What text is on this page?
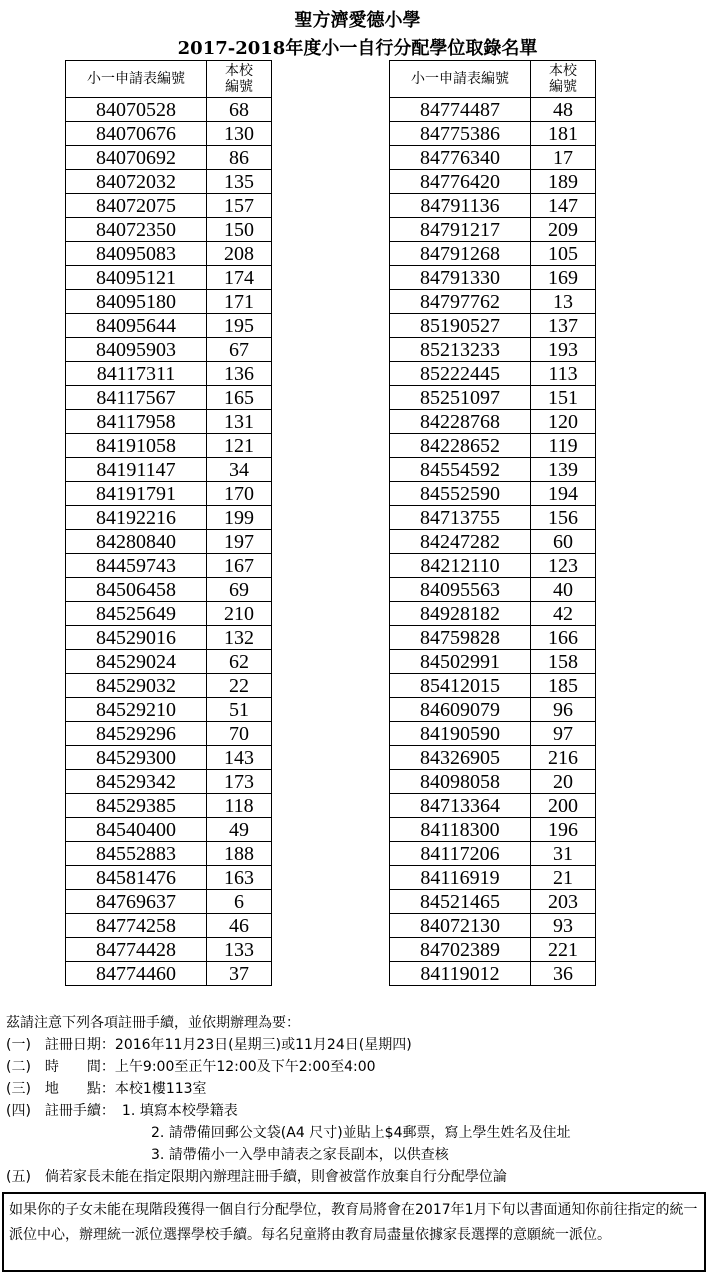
聖方濟愛德小學
2017-2018年度小一自行分配學位取錄名單
小一申請表編號	本校編號
84070528	68
84070676	130
84070692	86
84072032	135
84072075	157
84072350	150
84095083	208
84095121	174
84095180	171
84095644	195
84095903	67
84117311	136
84117567	165
84117958	131
84191058	121
84191147	34
84191791	170
84192216	199
84280840	197
84459743	167
84506458	69
84525649	210
84529016	132
84529024	62
84529032	22
84529210	51
84529296	70
84529300	143
84529342	173
84529385	118
84540400	49
84552883	188
84581476	163
84769637	6
84774258	46
84774428	133
84774460	37
小一申請表編號	本校編號
84774487	48
84775386	181
84776340	17
84776420	189
84791136	147
84791217	209
84791268	105
84791330	169
84797762	13
85190527	137
85213233	193
85222445	113
85251097	151
84228768	120
84228652	119
84554592	139
84552590	194
84713755	156
84247282	60
84212110	123
84095563	40
84928182	42
84759828	166
84502991	158
85412015	185
84609079	96
84190590	97
84326905	216
84098058	20
84713364	200
84118300	196
84117206	31
84116919	21
84521465	203
84072130	93
84702389	221
84119012	36
茲請注意下列各項註冊手續，並依期辦理為要：
(一)　註冊日期：2016年11月23日(星期三)或11月24日(星期四)
(二)　時　　間：上午9:00至正午12:00及下午2:00至4:00
(三)　地　　點：本校1樓113室
(四)　註冊手續：　1. 填寫本校學籍表
2. 請帶備回郵公文袋(A4 尺寸)並貼上$4郵票，寫上學生姓名及住址
3. 請帶備小一入學申請表之家長副本，以供查核
(五)　倘若家長未能在指定限期內辦理註冊手續，則會被當作放棄自行分配學位論
如果你的子女未能在現階段獲得一個自行分配學位，教育局將會在2017年1月下旬以書面通知你前往指定的統一派位中心，辦理統一派位選擇學校手續。每名兒童將由教育局盡量依據家長選擇的意願統一派位。
